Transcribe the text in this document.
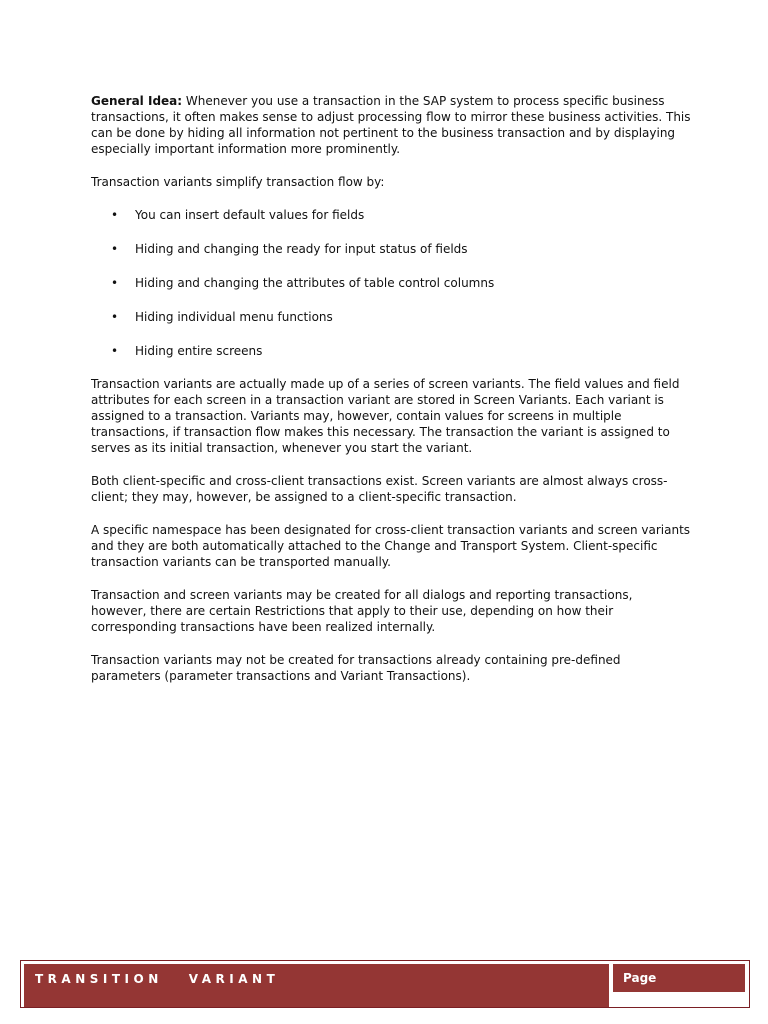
General Idea: Whenever you use a transaction in the SAP system to process specific business transactions, it often makes sense to adjust processing flow to mirror these business activities. This can be done by hiding all information not pertinent to the business transaction and by displaying especially important information more prominently.

Transaction variants simplify transaction flow by:

• You can insert default values for fields
• Hiding and changing the ready for input status of fields
• Hiding and changing the attributes of table control columns
• Hiding individual menu functions
• Hiding entire screens

Transaction variants are actually made up of a series of screen variants. The field values and field attributes for each screen in a transaction variant are stored in Screen Variants. Each variant is assigned to a transaction. Variants may, however, contain values for screens in multiple transactions, if transaction flow makes this necessary. The transaction the variant is assigned to serves as its initial transaction, whenever you start the variant.

Both client-specific and cross-client transactions exist. Screen variants are almost always cross-client; they may, however, be assigned to a client-specific transaction.

A specific namespace has been designated for cross-client transaction variants and screen variants and they are both automatically attached to the Change and Transport System. Client-specific transaction variants can be transported manually.

Transaction and screen variants may be created for all dialogs and reporting transactions, however, there are certain Restrictions that apply to their use, depending on how their corresponding transactions have been realized internally.

Transaction variants may not be created for transactions already containing pre-defined parameters (parameter transactions and Variant Transactions).

TRANSITION   VARIANT	Page
